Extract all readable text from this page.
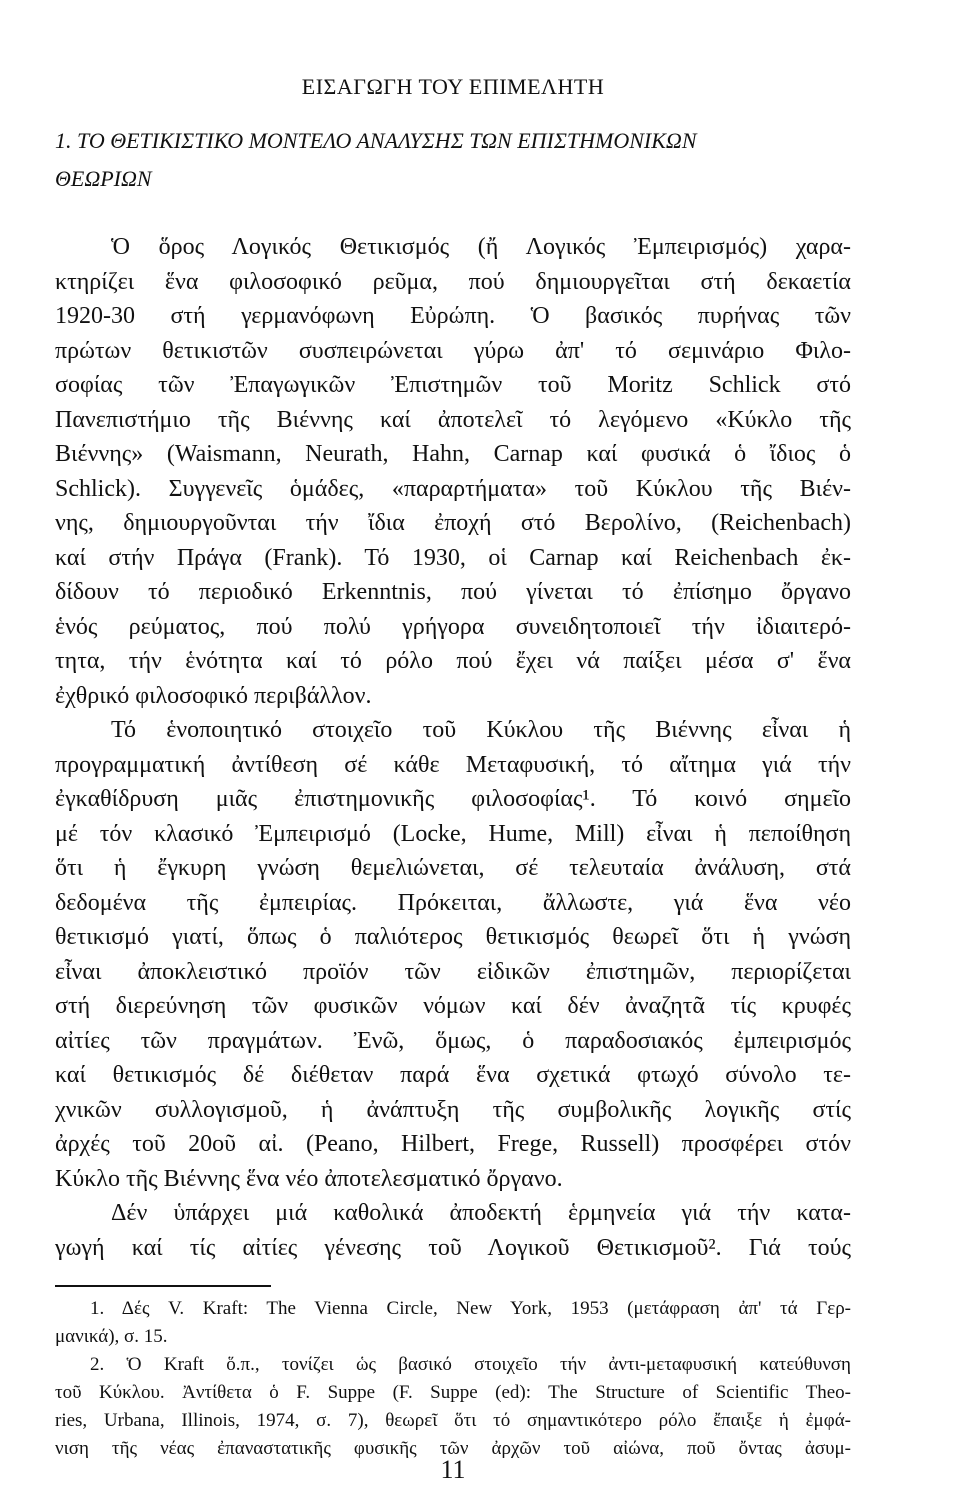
ΕΙΣΑΓΩΓΗ ΤΟΥ ΕΠΙΜΕΛΗΤΗ
1. ΤΟ ΘΕΤΙΚΙΣΤΙΚΟ ΜΟΝΤΕΛΟ ΑΝΑΛΥΣΗΣ ΤΩΝ ΕΠΙΣΤΗΜΟΝΙΚΩΝ
ΘΕΩΡΙΩΝ
Ὁ ὅρος Λογικός Θετικισμός (ἤ Λογικός Ἐμπειρισμός) χαρα-
κτηρίζει ἕνα φιλοσοφικό ρεῦμα, πού δημιουργεῖται στή δεκαετία
1920-30 στή γερμανόφωνη Εὐρώπη. Ὁ βασικός πυρήνας τῶν
πρώτων θετικιστῶν συσπειρώνεται γύρω ἀπ' τό σεμινάριο Φιλο-
σοφίας τῶν Ἐπαγωγικῶν Ἐπιστημῶν τοῦ Moritz Schlick στό
Πανεπιστήμιο τῆς Βιέννης καί ἀποτελεῖ τό λεγόμενο «Κύκλο τῆς
Βιέννης» (Waismann, Neurath, Hahn, Carnap καί φυσικά ὁ ἴδιος ὁ
Schlick). Συγγενεῖς ὁμάδες, «παραρτήματα» τοῦ Κύκλου τῆς Βιέν-
νης, δημιουργοῦνται τήν ἴδια ἐποχή στό Βερολίνο, (Reichenbach)
καί στήν Πράγα (Frank). Τό 1930, οἱ Carnap καί Reichenbach ἐκ-
δίδουν τό περιοδικό Erkenntnis, πού γίνεται τό ἐπίσημο ὄργανο
ἑνός ρεύματος, πού πολύ γρήγορα συνειδητοποιεῖ τήν ἰδιαιτερό-
τητα, τήν ἑνότητα καί τό ρόλο πού ἔχει νά παίξει μέσα σ' ἕνα
ἐχθρικό φιλοσοφικό περιβάλλον.
Τό ἑνοποιητικό στοιχεῖο τοῦ Κύκλου τῆς Βιέννης εἶναι ἡ
προγραμματική ἀντίθεση σέ κάθε Μεταφυσική, τό αἴτημα γιά τήν
ἐγκαθίδρυση μιᾶς ἐπιστημονικῆς φιλοσοφίας¹. Τό κοινό σημεῖο
μέ τόν κλασικό Ἐμπειρισμό (Locke, Hume, Mill) εἶναι ἡ πεποίθηση
ὅτι ἡ ἔγκυρη γνώση θεμελιώνεται, σέ τελευταία ἀνάλυση, στά
δεδομένα τῆς ἐμπειρίας. Πρόκειται, ἄλλωστε, γιά ἕνα νέο
θετικισμό γιατί, ὅπως ὁ παλιότερος θετικισμός θεωρεῖ ὅτι ἡ γνώση
εἶναι ἀποκλειστικό προϊόν τῶν εἰδικῶν ἐπιστημῶν, περιορίζεται
στή διερεύνηση τῶν φυσικῶν νόμων καί δέν ἀναζητᾶ τίς κρυφές
αἰτίες τῶν πραγμάτων. Ἐνῶ, ὅμως, ὁ παραδοσιακός ἐμπειρισμός
καί θετικισμός δέ διέθεταν παρά ἕνα σχετικά φτωχό σύνολο τε-
χνικῶν συλλογισμοῦ, ἡ ἀνάπτυξη τῆς συμβολικῆς λογικῆς στίς
ἀρχές τοῦ 20οῦ αἰ. (Peano, Hilbert, Frege, Russell) προσφέρει στόν
1. Δές V. Kraft: The Vienna Circle, New York, 1953 (μετάφραση ἀπ' τά Γερ-
μανικά), σ. 15.
2. Ὁ Kraft ὅ.π., τονίζει ὡς βασικό στοιχεῖο τήν ἀντι-μεταφυσική κατεύθυνση
τοῦ Κύκλου. Ἀντίθετα ὁ F. Suppe (F. Suppe (ed): The Structure of Scientific Theo-
ries, Urbana, Illinois, 1974, σ. 7), θεωρεῖ ὅτι τό σημαντικότερο ρόλο ἔπαιξε ἡ ἐμφά-
νιση τῆς νέας ἐπαναστατικῆς φυσικῆς τῶν ἀρχῶν τοῦ αἰώνα, ποῦ ὄντας ἀσυμ-
11
Κύκλο τῆς Βιέννης ἕνα νέο ἀποτελεσματικό ὄργανο.
Δέν ὑπάρχει μιά καθολικά ἀποδεκτή ἑρμηνεία γιά τήν κατα-
γωγή καί τίς αἰτίες γένεσης τοῦ Λογικοῦ Θετικισμοῦ². Γιά τούς
